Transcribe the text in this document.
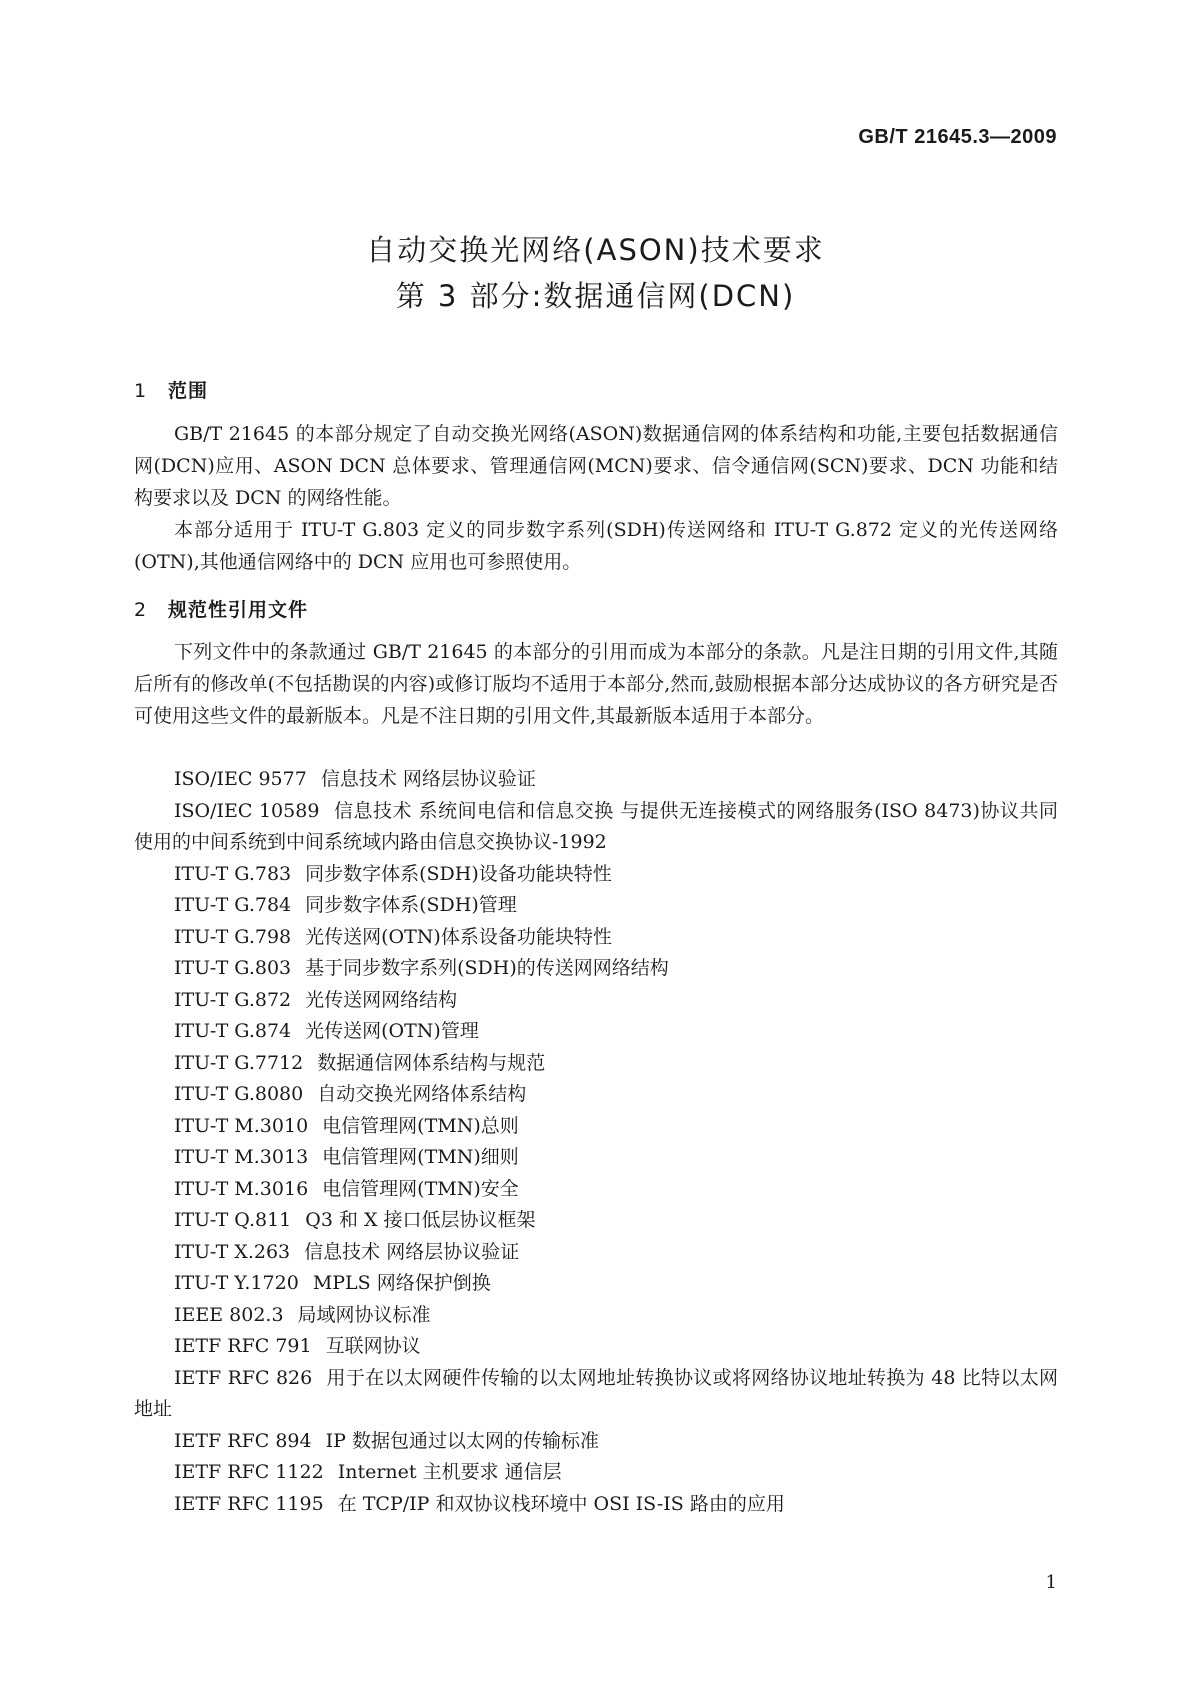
GB/T 21645.3—2009
自动交换光网络(ASON)技术要求
第 3 部分:数据通信网(DCN)
1 范围

GB/T 21645 的本部分规定了自动交换光网络(ASON)数据通信网的体系结构和功能,主要包括数据通信网(DCN)应用、ASON DCN 总体要求、管理通信网(MCN)要求、信令通信网(SCN)要求、DCN 功能和结构要求以及 DCN 的网络性能。

本部分适用于 ITU-T G.803 定义的同步数字系列(SDH)传送网络和 ITU-T G.872 定义的光传送网络(OTN),其他通信网络中的 DCN 应用也可参照使用。

2 规范性引用文件

下列文件中的条款通过 GB/T 21645 的本部分的引用而成为本部分的条款。凡是注日期的引用文件,其随后所有的修改单(不包括勘误的内容)或修订版均不适用于本部分,然而,鼓励根据本部分达成协议的各方研究是否可使用这些文件的最新版本。凡是不注日期的引用文件,其最新版本适用于本部分。

ISO/IEC 9577 信息技术 网络层协议验证
ISO/IEC 10589 信息技术 系统间电信和信息交换 与提供无连接模式的网络服务(ISO 8473)协议共同使用的中间系统到中间系统域内路由信息交换协议-1992
ITU-T G.783 同步数字体系(SDH)设备功能块特性
ITU-T G.784 同步数字体系(SDH)管理
ITU-T G.798 光传送网(OTN)体系设备功能块特性
ITU-T G.803 基于同步数字系列(SDH)的传送网网络结构
ITU-T G.872 光传送网网络结构
ITU-T G.874 光传送网(OTN)管理
ITU-T G.7712 数据通信网体系结构与规范
ITU-T G.8080 自动交换光网络体系结构
ITU-T M.3010 电信管理网(TMN)总则
ITU-T M.3013 电信管理网(TMN)细则
ITU-T M.3016 电信管理网(TMN)安全
ITU-T Q.811 Q3 和 X 接口低层协议框架
ITU-T X.263 信息技术 网络层协议验证
ITU-T Y.1720 MPLS 网络保护倒换
IEEE 802.3 局域网协议标准
IETF RFC 791 互联网协议
IETF RFC 826 用于在以太网硬件传输的以太网地址转换协议或将网络协议地址转换为 48 比特以太网地址
IETF RFC 894 IP 数据包通过以太网的传输标准
IETF RFC 1122 Internet 主机要求 通信层
IETF RFC 1195 在 TCP/IP 和双协议栈环境中 OSI IS-IS 路由的应用
1
